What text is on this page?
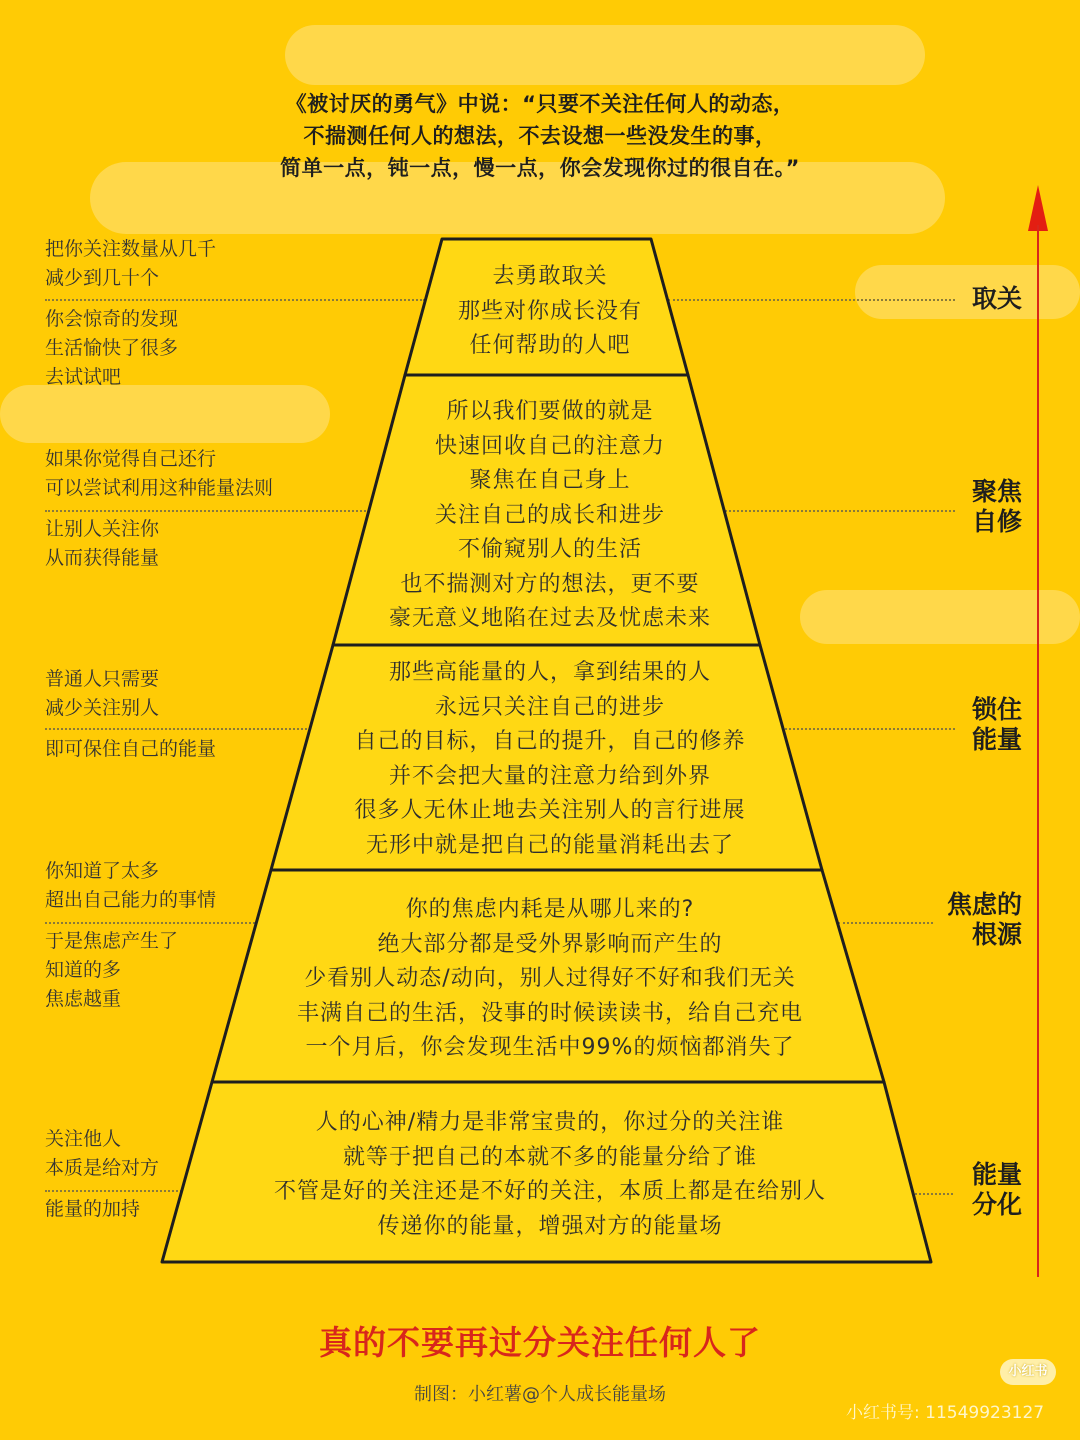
《被讨厌的勇气》中说：“只要不关注任何人的动态，
不揣测任何人的想法，不去设想一些没发生的事，
简单一点，钝一点，慢一点，你会发现你过的很自在。”
去勇敢取关
那些对你成长没有
任何帮助的人吧
把你关注数量从几千
减少到几十个
你会惊奇的发现
生活愉快了很多
去试试吧
取关
所以我们要做的就是
快速回收自己的注意力
聚焦在自己身上
关注自己的成长和进步
不偷窥别人的生活
也不揣测对方的想法，更不要
豪无意义地陷在过去及忧虑未来
如果你觉得自己还行
可以尝试利用这种能量法则
让别人关注你
从而获得能量
聚焦
自修
那些高能量的人，拿到结果的人
永远只关注自己的进步
自己的目标，自己的提升，自己的修养
并不会把大量的注意力给到外界
很多人无休止地去关注别人的言行进展
无形中就是把自己的能量消耗出去了
普通人只需要
减少关注别人
即可保住自己的能量
锁住
能量
你的焦虑内耗是从哪儿来的?
绝大部分都是受外界影响而产生的
少看别人动态/动向，别人过得好不好和我们无关
丰满自己的生活，没事的时候读读书，给自己充电
一个月后，你会发现生活中99%的烦恼都消失了
你知道了太多
超出自己能力的事情
于是焦虑产生了
知道的多
焦虑越重
焦虑的
根源
人的心神/精力是非常宝贵的，你过分的关注谁
就等于把自己的本就不多的能量分给了谁
不管是好的关注还是不好的关注，本质上都是在给别人
传递你的能量，增强对方的能量场
关注他人
本质是给对方
能量的加持
能量
分化
真的不要再过分关注任何人了
制图：小红薯@个人成长能量场
小红书
小红书号: 11549923127
